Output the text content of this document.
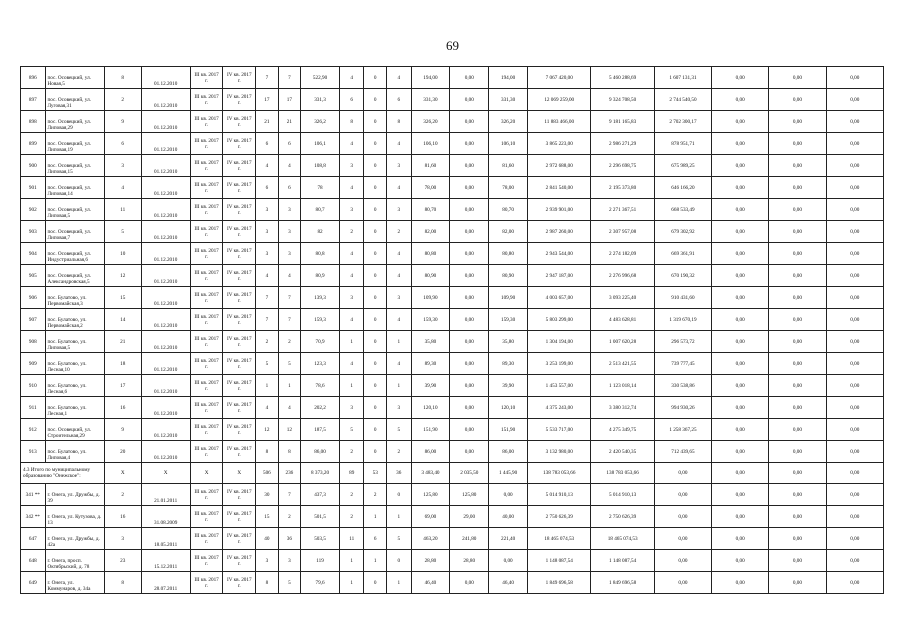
69
896	пос. Осовецкий, ул. Новая,5	8	01.12.2010	III кв. 2017 г.	IV кв. 2017 г.	7	7	522,90	4	0	4	194,00	0,00	194,00	7 067 420,00	5 460 288,69	1 607 131,31	0,00	0,00	0,00
897	пос. Осовецкий, ул. Луговая,31	2	01.12.2010	III кв. 2017 г.	IV кв. 2017 г.	17	17	331,3	6	0	6	331,30	0,00	331,30	12 069 259,00	9 324 708,50	2 744 540,50	0,00	0,00	0,00
898	пос. Осовецкий, ул. Липовая,29	9	01.12.2010	III кв. 2017 г.	IV кв. 2017 г.	21	21	326,2	8	0	8	326,20	0,00	326,20	11 883 466,00	9 181 165,83	2 702 300,17	0,00	0,00	0,00
899	пос. Осовецкий, ул. Липовая,19	6	01.12.2010	III кв. 2017 г.	IV кв. 2017 г.	6	6	106,1	4	0	4	106,10	0,00	106,10	3 865 223,00	2 986 271,29	878 951,71	0,00	0,00	0,00
900	пос. Осовецкий, ул. Липовая,15	3	01.12.2010	III кв. 2017 г.	IV кв. 2017 г.	4	4	108,8	3	0	3	81,60	0,00	81,60	2 972 688,00	2 296 698,75	675 989,25	0,00	0,00	0,00
901	пос. Осовецкий, ул. Липовая,14	4	01.12.2010	III кв. 2017 г.	IV кв. 2017 г.	6	6	78	4	0	4	78,00	0,00	78,00	2 841 540,00	2 195 373,80	646 166,20	0,00	0,00	0,00
902	пос. Осовецкий, ул. Липовая,5	11	01.12.2010	III кв. 2017 г.	IV кв. 2017 г.	3	3	80,7	3	0	3	80,70	0,00	80,70	2 939 901,00	2 271 367,51	668 533,49	0,00	0,00	0,00
903	пос. Осовецкий, ул. Липовая,7	5	01.12.2010	III кв. 2017 г.	IV кв. 2017 г.	3	3	82	2	0	2	82,00	0,00	82,00	2 987 260,00	2 307 957,08	679 302,92	0,00	0,00	0,00
904	пос. Осовецкий, ул. Индустриальная,6	10	01.12.2010	III кв. 2017 г.	IV кв. 2017 г.	3	3	80,8	4	0	4	80,80	0,00	80,80	2 943 544,00	2 274 182,09	669 361,91	0,00	0,00	0,00
905	пос. Осовецкий, ул. Александровская,5	12	01.12.2010	III кв. 2017 г.	IV кв. 2017 г.	4	4	80,9	4	0	4	80,90	0,00	80,90	2 947 187,00	2 276 996,68	670 190,32	0,00	0,00	0,00
906	пос. Булатово, ул. Первомайская,3	15	01.12.2010	III кв. 2017 г.	IV кв. 2017 г.	7	7	139,3	3	0	3	109,90	0,00	109,90	4 003 657,00	3 093 225,40	910 431,60	0,00	0,00	0,00
907	пос. Булатово, ул. Первомайская,2	14	01.12.2010	III кв. 2017 г.	IV кв. 2017 г.	7	7	159,3	4	0	4	159,30	0,00	159,30	5 803 299,00	4 483 628,81	1 319 670,19	0,00	0,00	0,00
908	пос. Булатово, ул. Липовая,5	21	01.12.2010	III кв. 2017 г.	IV кв. 2017 г.	2	2	70,9	1	0	1	35,80	0,00	35,80	1 304 194,00	1 007 620,28	296 573,72	0,00	0,00	0,00
909	пос. Булатово, ул. Лесная,10	18	01.12.2010	III кв. 2017 г.	IV кв. 2017 г.	5	5	123,3	4	0	4	89,30	0,00	89,30	3 253 199,00	2 513 421,55	739 777,45	0,00	0,00	0,00
910	пос. Булатово, ул. Лесная,6	17	01.12.2010	III кв. 2017 г.	IV кв. 2017 г.	1	1	78,6	1	0	1	39,90	0,00	39,90	1 453 557,00	1 123 018,14	330 538,86	0,00	0,00	0,00
911	пос. Булатово, ул. Лесная,1	16	01.12.2010	III кв. 2017 г.	IV кв. 2017 г.	4	4	202,2	3	0	3	120,10	0,00	120,10	4 375 243,00	3 380 312,74	994 930,26	0,00	0,00	0,00
912	пос. Осовецкий, ул. Строительная,29	9	01.12.2010	III кв. 2017 г.	IV кв. 2017 г.	12	12	187,5	5	0	5	151,90	0,00	151,90	5 533 717,00	4 275 349,75	1 258 367,25	0,00	0,00	0,00
913	пос. Булатово, ул. Липовая,4	20	01.12.2010	III кв. 2017 г.	IV кв. 2017 г.	8	8	86,00	2	0	2	86,00	0,00	86,00	3 132 980,00	2 420 540,35	712 439,65	0,00	0,00	0,00
4.3 Итого по муниципальному образованию "Онежское":		X	X	X	X	506	236	8 373,20	89	53	36	3 483,40	2 035,50	1 445,90	138 783 053,66	138 783 053,66	0,00	0,00	0,00	0,00
341 **	г. Онега, ул. Дружбы, д. 39	2	21.01.2011	III кв. 2017 г.	IV кв. 2017 г.	30	7	437,3	2	2	0	125,80	125,80	0,00	5 014 910,13	5 014 910,13	0,00	0,00	0,00	0,00
342 **	г. Онега, ул. Кутузова, д. 13	16	31.08.2009	III кв. 2017 г.	IV кв. 2017 г.	15	2	501,5	2	1	1	69,00	29,00	40,00	2 750 626,39	2 750 626,39	0,00	0,00	0,00	0,00
647	г. Онега, ул. Дружбы, д. 42а	3	18.05.2011	III кв. 2017 г.	IV кв. 2017 г.	40	36	503,5	11	6	5	463,20	241,80	221,40	18 465 074,53	18 465 074,53	0,00	0,00	0,00	0,00
648	г. Онега, просп. Октябрьский, д. 78	23	15.12.2011	III кв. 2017 г.	IV кв. 2017 г.	3	3	119	1	1	0	28,80	28,80	0,00	1 148 087,54	1 148 087,54	0,00	0,00	0,00	0,00
649	г. Онега, ул. Коммунаров, д. 34а	8	28.07.2011	III кв. 2017 г.	IV кв. 2017 г.	8	5	79,6	1	0	1	46,40	0,00	46,40	1 849 696,58	1 849 696,58	0,00	0,00	0,00	0,00
